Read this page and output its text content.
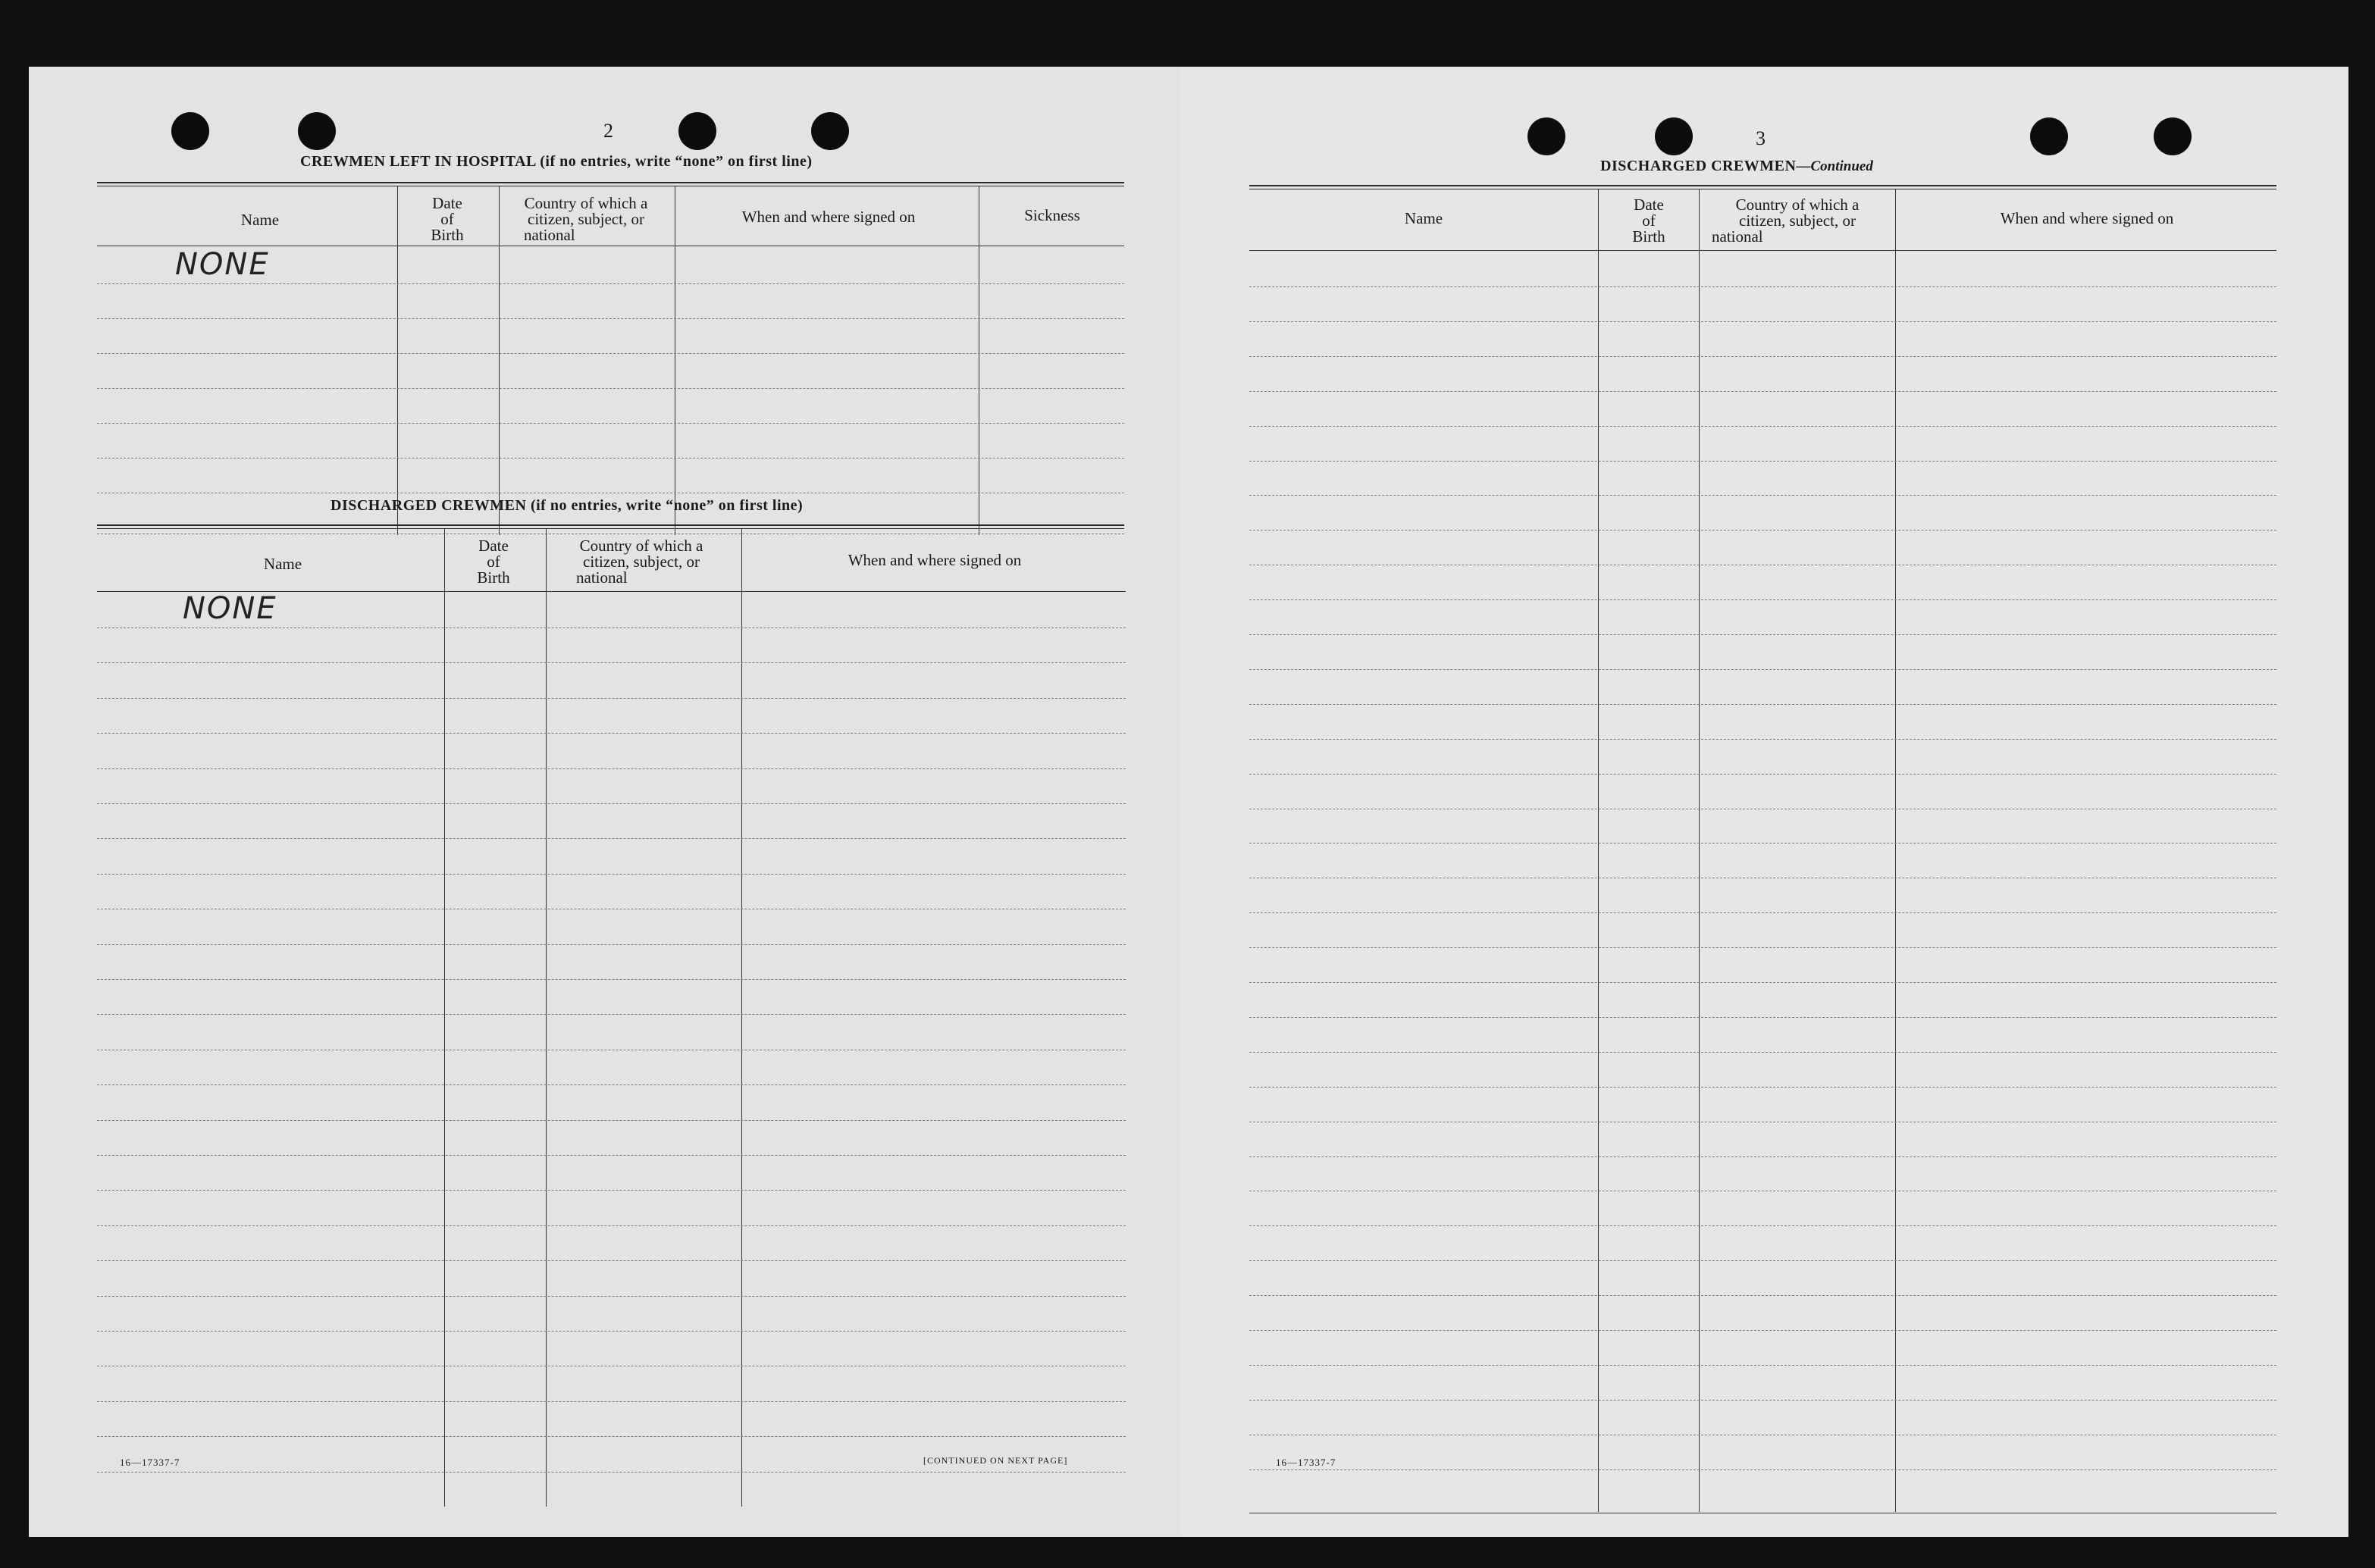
2
CREWMEN LEFT IN HOSPITAL (if no entries, write “none” on first line)
Name
Date
of
Birth
Country of which a
citizen, subject, or
national
When and where signed on	Sickness
NONE
DISCHARGED CREWMEN (if no entries, write “none” on first line)
Name
Date
of
Birth
Country of which a
citizen, subject, or
national
When and where signed on
NONE
16—17337-7	[CONTINUED ON NEXT PAGE]
3
DISCHARGED CREWMEN—Continued
Name
Date
of
Birth
Country of which a
citizen, subject, or
national
When and where signed on
16—17337-7
